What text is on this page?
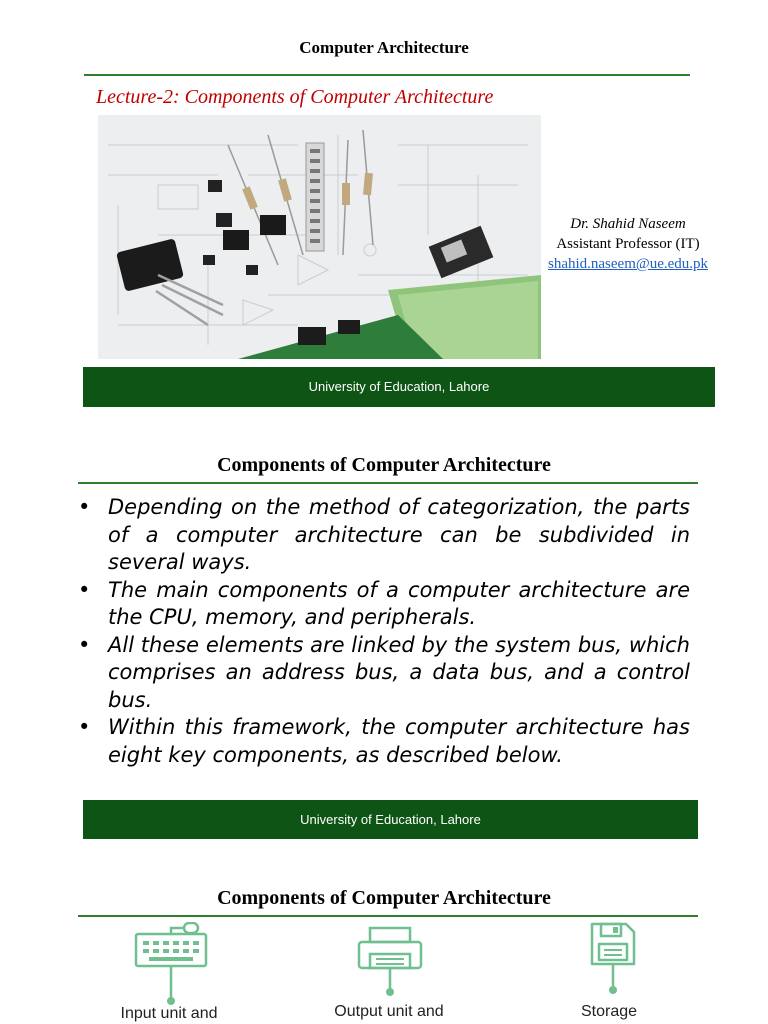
Computer Architecture
Lecture-2: Components of Computer Architecture
Dr. Shahid Naseem
Assistant Professor (IT)
shahid.naseem@ue.edu.pk
University of Education, Lahore
Components of Computer Architecture
• Depending on the method of categorization, the parts of a computer architecture can be subdivided in several ways.
• The main components of a computer architecture are the CPU, memory, and peripherals.
• All these elements are linked by the system bus, which comprises an address bus, a data bus, and a control bus.
• Within this framework, the computer architecture has eight key components, as described below.
University of Education, Lahore
Components of Computer Architecture
Input unit and	Output unit and	Storage
